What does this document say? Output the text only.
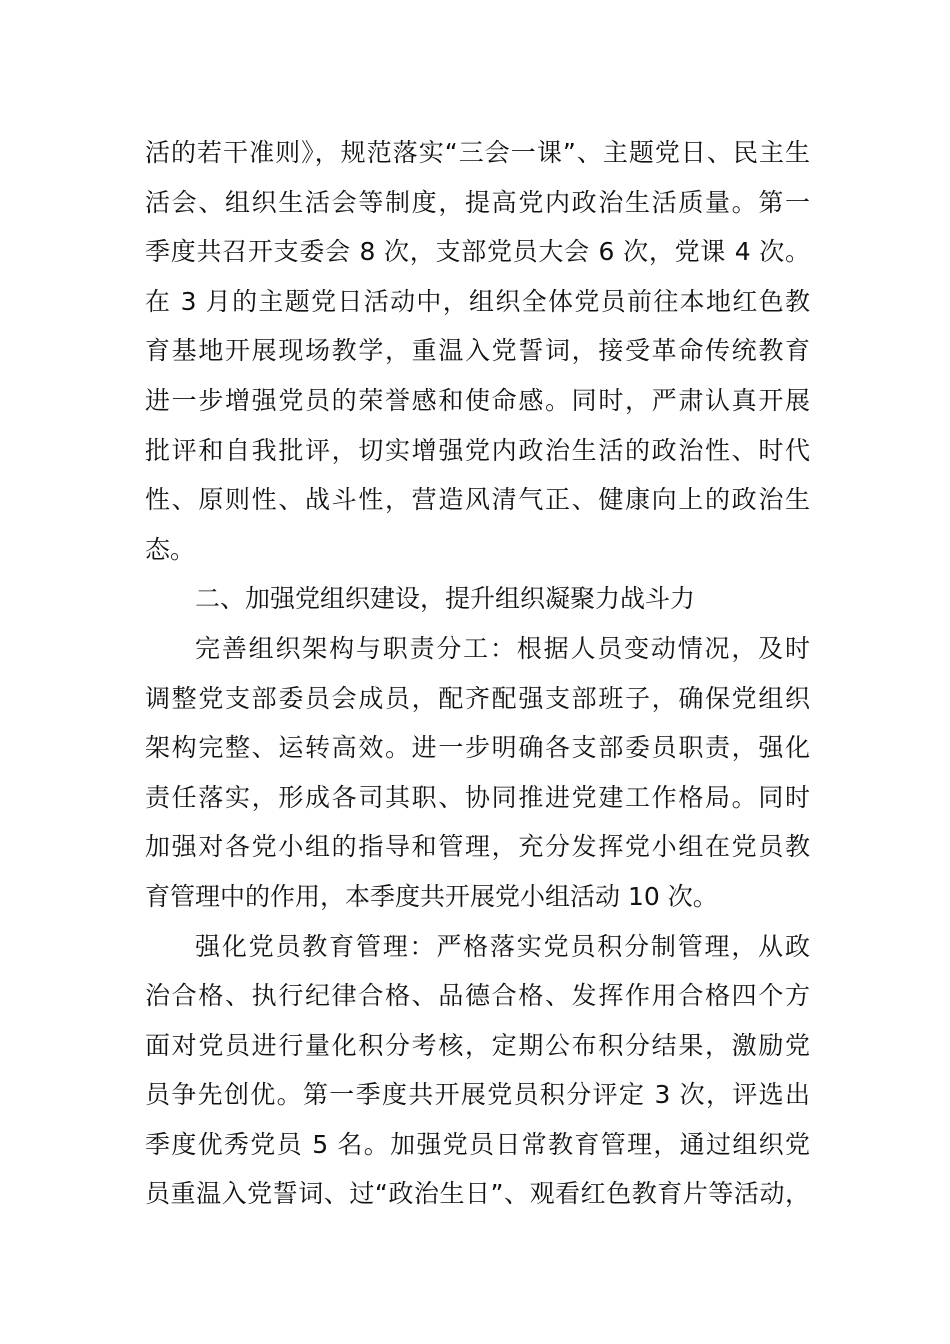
活的若干准则》，规范落实“三会一课”、主题党日、民主生
活会、组织生活会等制度，提高党内政治生活质量。第一
季度共召开支委会 8 次，支部党员大会 6 次，党课 4 次。
在 3 月的主题党日活动中，组织全体党员前往本地红色教
育基地开展现场教学，重温入党誓词，接受革命传统教育
进一步增强党员的荣誉感和使命感。同时，严肃认真开展
批评和自我批评，切实增强党内政治生活的政治性、时代
性、原则性、战斗性，营造风清气正、健康向上的政治生
态。
二、加强党组织建设，提升组织凝聚力战斗力
完善组织架构与职责分工：根据人员变动情况，及时
调整党支部委员会成员，配齐配强支部班子，确保党组织
架构完整、运转高效。进一步明确各支部委员职责，强化
责任落实，形成各司其职、协同推进党建工作格局。同时
加强对各党小组的指导和管理，充分发挥党小组在党员教
育管理中的作用，本季度共开展党小组活动 10 次。
强化党员教育管理：严格落实党员积分制管理，从政
治合格、执行纪律合格、品德合格、发挥作用合格四个方
面对党员进行量化积分考核，定期公布积分结果，激励党
员争先创优。第一季度共开展党员积分评定 3 次，评选出
季度优秀党员 5 名。加强党员日常教育管理，通过组织党
员重温入党誓词、过“政治生日”、观看红色教育片等活动，
